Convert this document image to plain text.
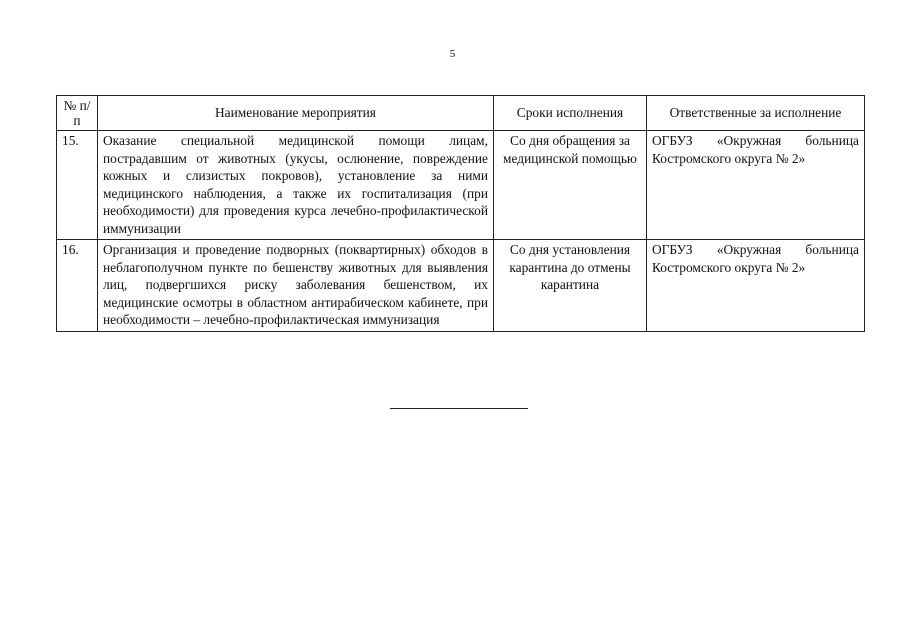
5
№ п/п	Наименование мероприятия	Сроки исполнения	Ответственные за исполнение
15.	Оказание специальной медицинской помощи лицам, пострадавшим от животных (укусы, ослюнение, повреждение кожных и слизистых покровов), установление за ними медицинского наблюдения, а также их госпитализация (при необходимости) для проведения курса лечебно-профилактической иммунизации	Со дня обращения за медицинской помощью	ОГБУЗ «Окружная больница Костромского округа № 2»
16.	Организация и проведение подворных (поквартирных) обходов в неблагополучном пункте по бешенству животных для выявления лиц, подвергшихся риску заболевания бешенством, их медицинские осмотры в областном антирабическом кабинете, при необходимости – лечебно-профилактическая иммунизация	Со дня установления карантина до отмены карантина	ОГБУЗ «Окружная больница Костромского округа № 2»
